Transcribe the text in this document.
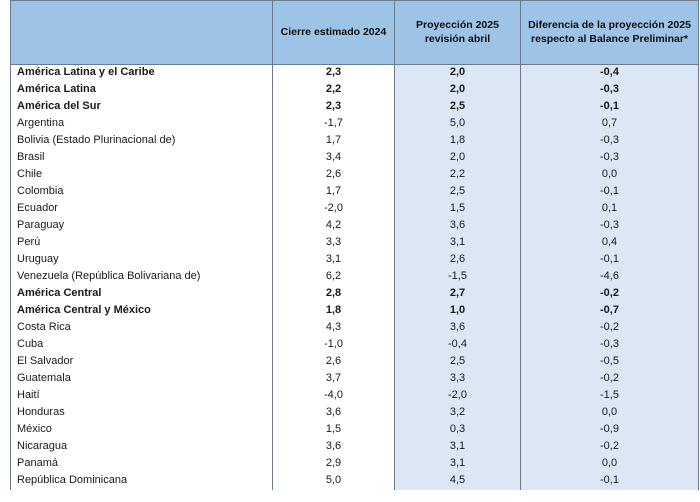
	Cierre estimado 2024	Proyección 2025 revisión abril	Diferencia de la proyección 2025 respecto al Balance Preliminar*
América Latina y el Caribe	2,3	2,0	-0,4
América Latina	2,2	2,0	-0,3
América del Sur	2,3	2,5	-0,1
Argentina	-1,7	5,0	0,7
Bolivia (Estado Plurinacional de)	1,7	1,8	-0,3
Brasil	3,4	2,0	-0,3
Chile	2,6	2,2	0,0
Colombia	1,7	2,5	-0,1
Ecuador	-2,0	1,5	0,1
Paraguay	4,2	3,6	-0,3
Perú	3,3	3,1	0,4
Uruguay	3,1	2,6	-0,1
Venezuela (República Bolivariana de)	6,2	-1,5	-4,6
América Central	2,8	2,7	-0,2
América Central y México	1,8	1,0	-0,7
Costa Rica	4,3	3,6	-0,2
Cuba	-1,0	-0,4	-0,3
El Salvador	2,6	2,5	-0,5
Guatemala	3,7	3,3	-0,2
Haití	-4,0	-2,0	-1,5
Honduras	3,6	3,2	0,0
México	1,5	0,3	-0,9
Nicaragua	3,6	3,1	-0,2
Panamá	2,9	3,1	0,0
República Dominicana	5,0	4,5	-0,1
